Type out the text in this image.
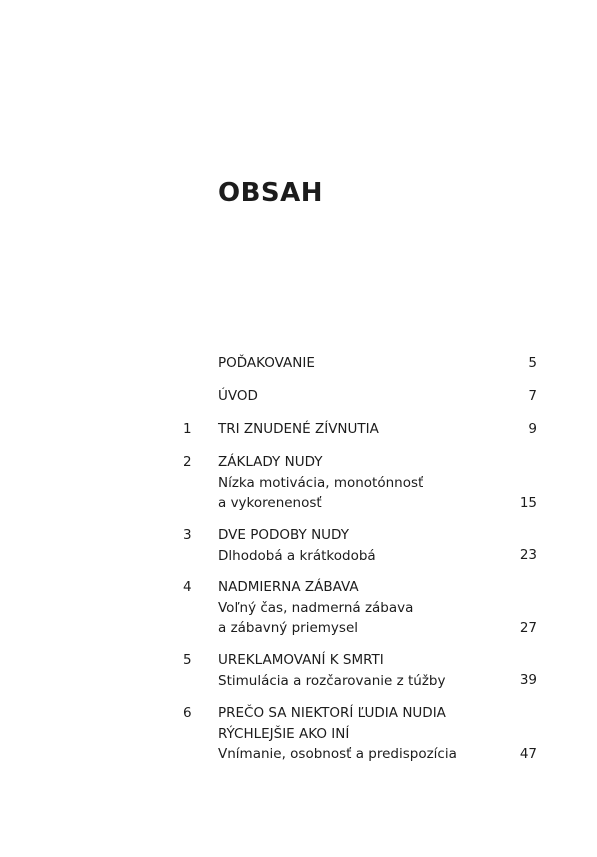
OBSAH
POĎAKOVANIE	5
ÚVOD	7
1 TRI ZNUDENÉ ZÍVNUTIA	9
2 ZÁKLADY NUDY
Nízka motivácia, monotónnosť
a vykorenenosť	15
3 DVE PODOBY NUDY
Dlhodobá a krátkodobá	23
4 NADMIERNA ZÁBAVA
Voľný čas, nadmerná zábava
a zábavný priemysel	27
5 UREKLAMOVANÍ K SMRTI
Stimulácia a rozčarovanie z túžby	39
6 PREČO SA NIEKTORÍ ĽUDIA NUDIA RÝCHLEJŠIE AKO INÍ
Vnímanie, osobnosť a predispozícia	47
